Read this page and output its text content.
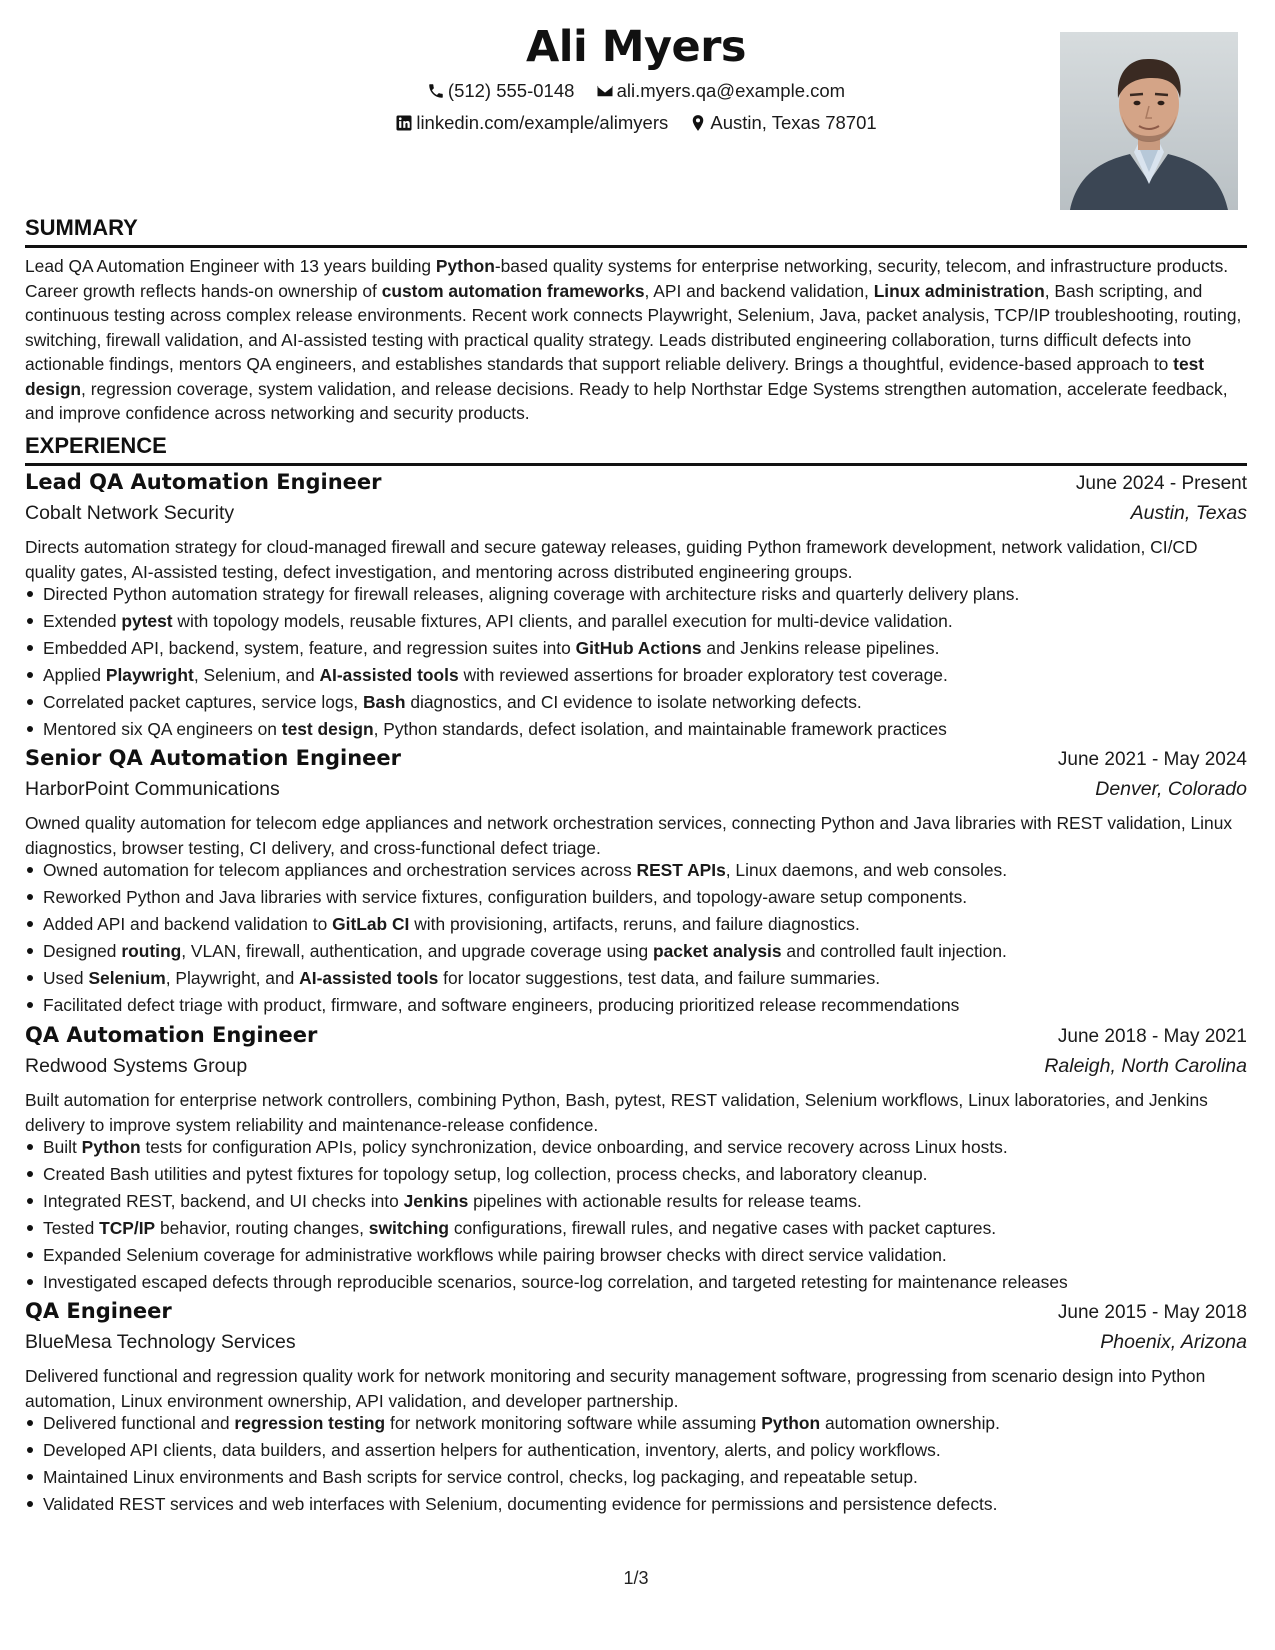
Ali Myers
(512) 555-0148
ali.myers.qa@example.com
linkedin.com/example/alimyers
Austin, Texas 78701
SUMMARY

Lead QA Automation Engineer with 13 years building Python-based quality systems for enterprise networking, security, telecom, and infrastructure products. Career growth reflects hands-on ownership of custom automation frameworks, API and backend validation, Linux administration, Bash scripting, and continuous testing across complex release environments. Recent work connects Playwright, Selenium, Java, packet analysis, TCP/IP troubleshooting, routing, switching, firewall validation, and AI-assisted testing with practical quality strategy. Leads distributed engineering collaboration, turns difficult defects into actionable findings, mentors QA engineers, and establishes standards that support reliable delivery. Brings a thoughtful, evidence-based approach to test design, regression coverage, system validation, and release decisions. Ready to help Northstar Edge Systems strengthen automation, accelerate feedback, and improve confidence across networking and security products.

EXPERIENCE
Lead QA Automation Engineer	June 2024 - Present
Cobalt Network Security	Austin, Texas

Directs automation strategy for cloud-managed firewall and secure gateway releases, guiding Python framework development, network validation, CI/CD quality gates, AI-assisted testing, defect investigation, and mentoring across distributed engineering groups.

Directed Python automation strategy for firewall releases, aligning coverage with architecture risks and quarterly delivery plans.
Extended pytest with topology models, reusable fixtures, API clients, and parallel execution for multi-device validation.
Embedded API, backend, system, feature, and regression suites into GitHub Actions and Jenkins release pipelines.
Applied Playwright, Selenium, and AI-assisted tools with reviewed assertions for broader exploratory test coverage.
Correlated packet captures, service logs, Bash diagnostics, and CI evidence to isolate networking defects.
Mentored six QA engineers on test design, Python standards, defect isolation, and maintainable framework practices
Senior QA Automation Engineer	June 2021 - May 2024
HarborPoint Communications	Denver, Colorado

Owned quality automation for telecom edge appliances and network orchestration services, connecting Python and Java libraries with REST validation, Linux diagnostics, browser testing, CI delivery, and cross-functional defect triage.

Owned automation for telecom appliances and orchestration services across REST APIs, Linux daemons, and web consoles.
Reworked Python and Java libraries with service fixtures, configuration builders, and topology-aware setup components.
Added API and backend validation to GitLab CI with provisioning, artifacts, reruns, and failure diagnostics.
Designed routing, VLAN, firewall, authentication, and upgrade coverage using packet analysis and controlled fault injection.
Used Selenium, Playwright, and AI-assisted tools for locator suggestions, test data, and failure summaries.
Facilitated defect triage with product, firmware, and software engineers, producing prioritized release recommendations
QA Automation Engineer	June 2018 - May 2021
Redwood Systems Group	Raleigh, North Carolina

Built automation for enterprise network controllers, combining Python, Bash, pytest, REST validation, Selenium workflows, Linux laboratories, and Jenkins delivery to improve system reliability and maintenance-release confidence.

Built Python tests for configuration APIs, policy synchronization, device onboarding, and service recovery across Linux hosts.
Created Bash utilities and pytest fixtures for topology setup, log collection, process checks, and laboratory cleanup.
Integrated REST, backend, and UI checks into Jenkins pipelines with actionable results for release teams.
Tested TCP/IP behavior, routing changes, switching configurations, firewall rules, and negative cases with packet captures.
Expanded Selenium coverage for administrative workflows while pairing browser checks with direct service validation.
Investigated escaped defects through reproducible scenarios, source-log correlation, and targeted retesting for maintenance releases
QA Engineer	June 2015 - May 2018
BlueMesa Technology Services	Phoenix, Arizona

Delivered functional and regression quality work for network monitoring and security management software, progressing from scenario design into Python automation, Linux environment ownership, API validation, and developer partnership.

Delivered functional and regression testing for network monitoring software while assuming Python automation ownership.
Developed API clients, data builders, and assertion helpers for authentication, inventory, alerts, and policy workflows.
Maintained Linux environments and Bash scripts for service control, checks, log packaging, and repeatable setup.
Validated REST services and web interfaces with Selenium, documenting evidence for permissions and persistence defects.
1/3
